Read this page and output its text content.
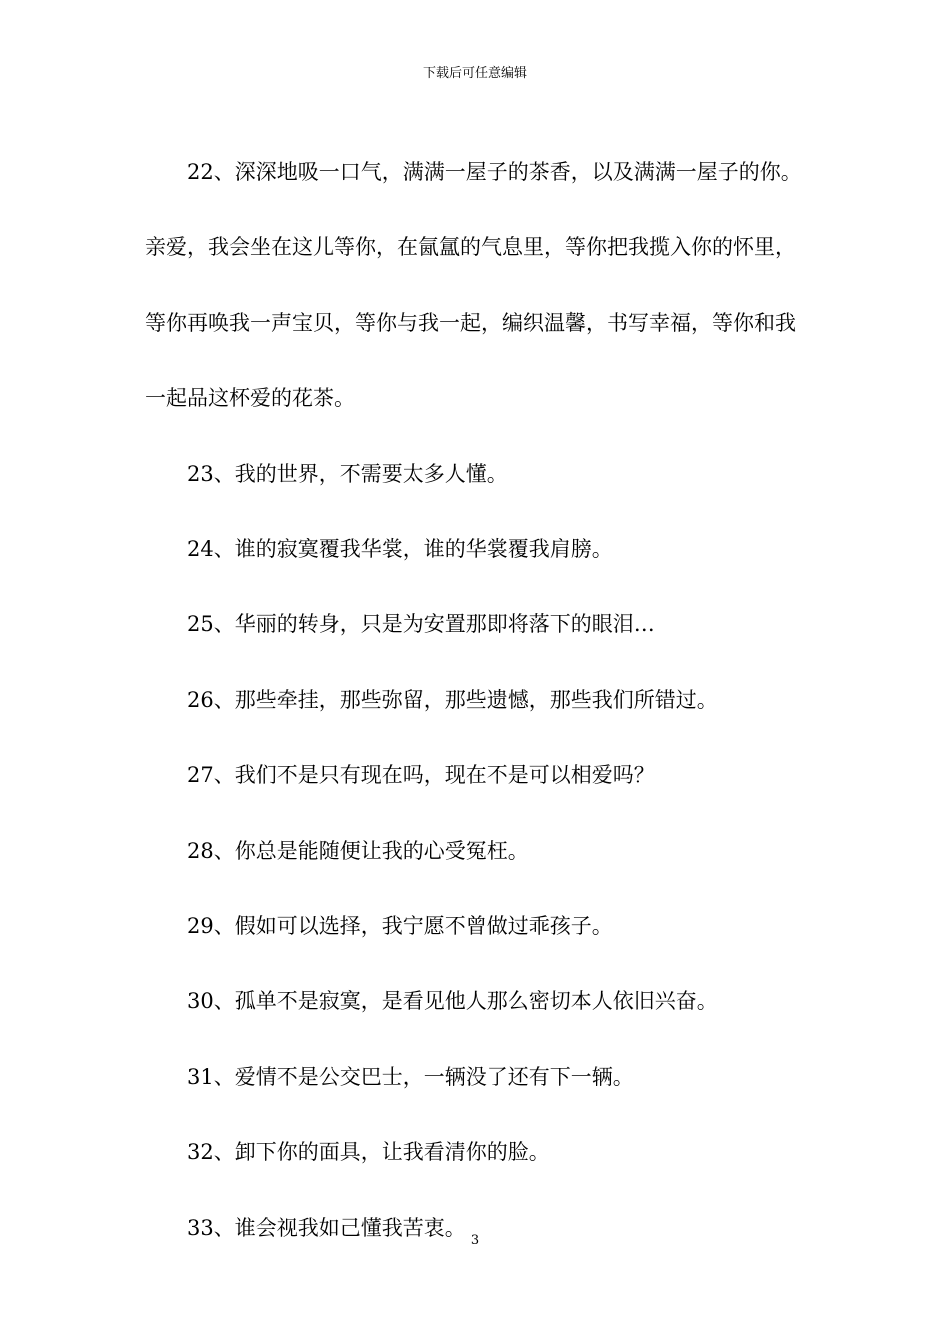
下载后可任意编辑

22、深深地吸一口气，满满一屋子的茶香，以及满满一屋子的你。亲爱，我会坐在这儿等你，在氤氲的气息里，等你把我揽入你的怀里，等你再唤我一声宝贝，等你与我一起，编织温馨，书写幸福，等你和我一起品这杯爱的花茶。

23、我的世界，不需要太多人懂。

24、谁的寂寞覆我华裳，谁的华裳覆我肩膀。

25、华丽的转身，只是为安置那即将落下的眼泪…

26、那些牵挂，那些弥留，那些遗憾，那些我们所错过。

27、我们不是只有现在吗，现在不是可以相爱吗？

28、你总是能随便让我的心受冤枉。

29、假如可以选择，我宁愿不曾做过乖孩子。

30、孤单不是寂寞，是看见他人那么密切本人依旧兴奋。

31、爱情不是公交巴士，一辆没了还有下一辆。

32、卸下你的面具，让我看清你的脸。

33、谁会视我如己懂我苦衷。

3
